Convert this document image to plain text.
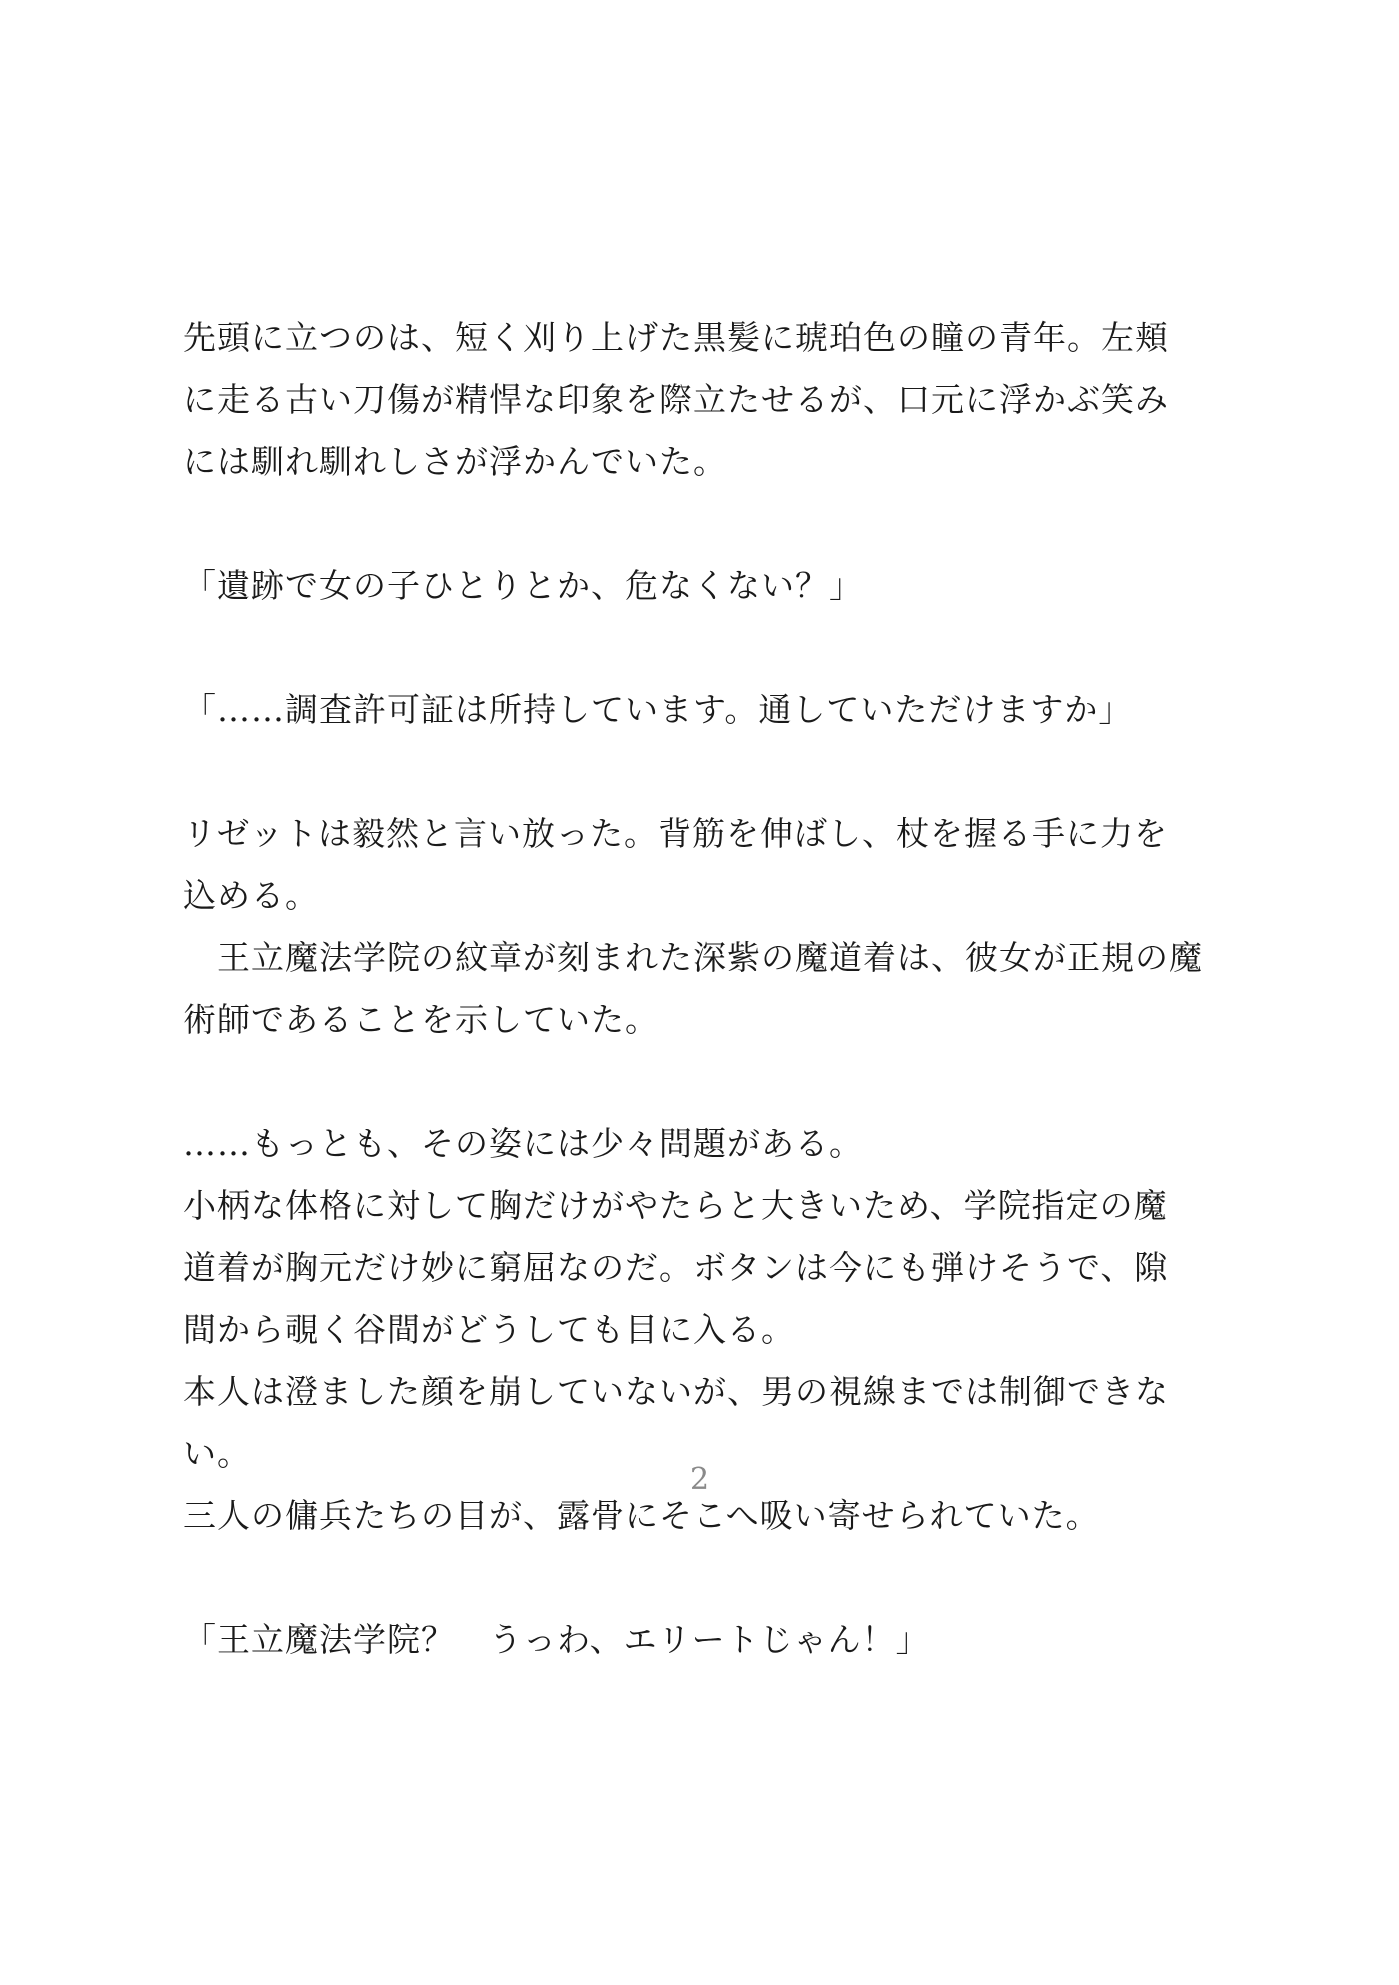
先頭に立つのは、短く刈り上げた黒髪に琥珀色の瞳の青年。左頬
に走る古い刀傷が精悍な印象を際立たせるが、口元に浮かぶ笑み
には馴れ馴れしさが浮かんでいた。
「遺跡で女の子ひとりとか、危なくない？」
「……調査許可証は所持しています。通していただけますか」
リゼットは毅然と言い放った。背筋を伸ばし、杖を握る手に力を
込める。
　王立魔法学院の紋章が刻まれた深紫の魔道着は、彼女が正規の魔
術師であることを示していた。
……もっとも、その姿には少々問題がある。
小柄な体格に対して胸だけがやたらと大きいため、学院指定の魔
道着が胸元だけ妙に窮屈なのだ。ボタンは今にも弾けそうで、隙
間から覗く谷間がどうしても目に入る。
本人は澄ました顔を崩していないが、男の視線までは制御できな
い。
三人の傭兵たちの目が、露骨にそこへ吸い寄せられていた。
「王立魔法学院？　うっわ、エリートじゃん！」
2
